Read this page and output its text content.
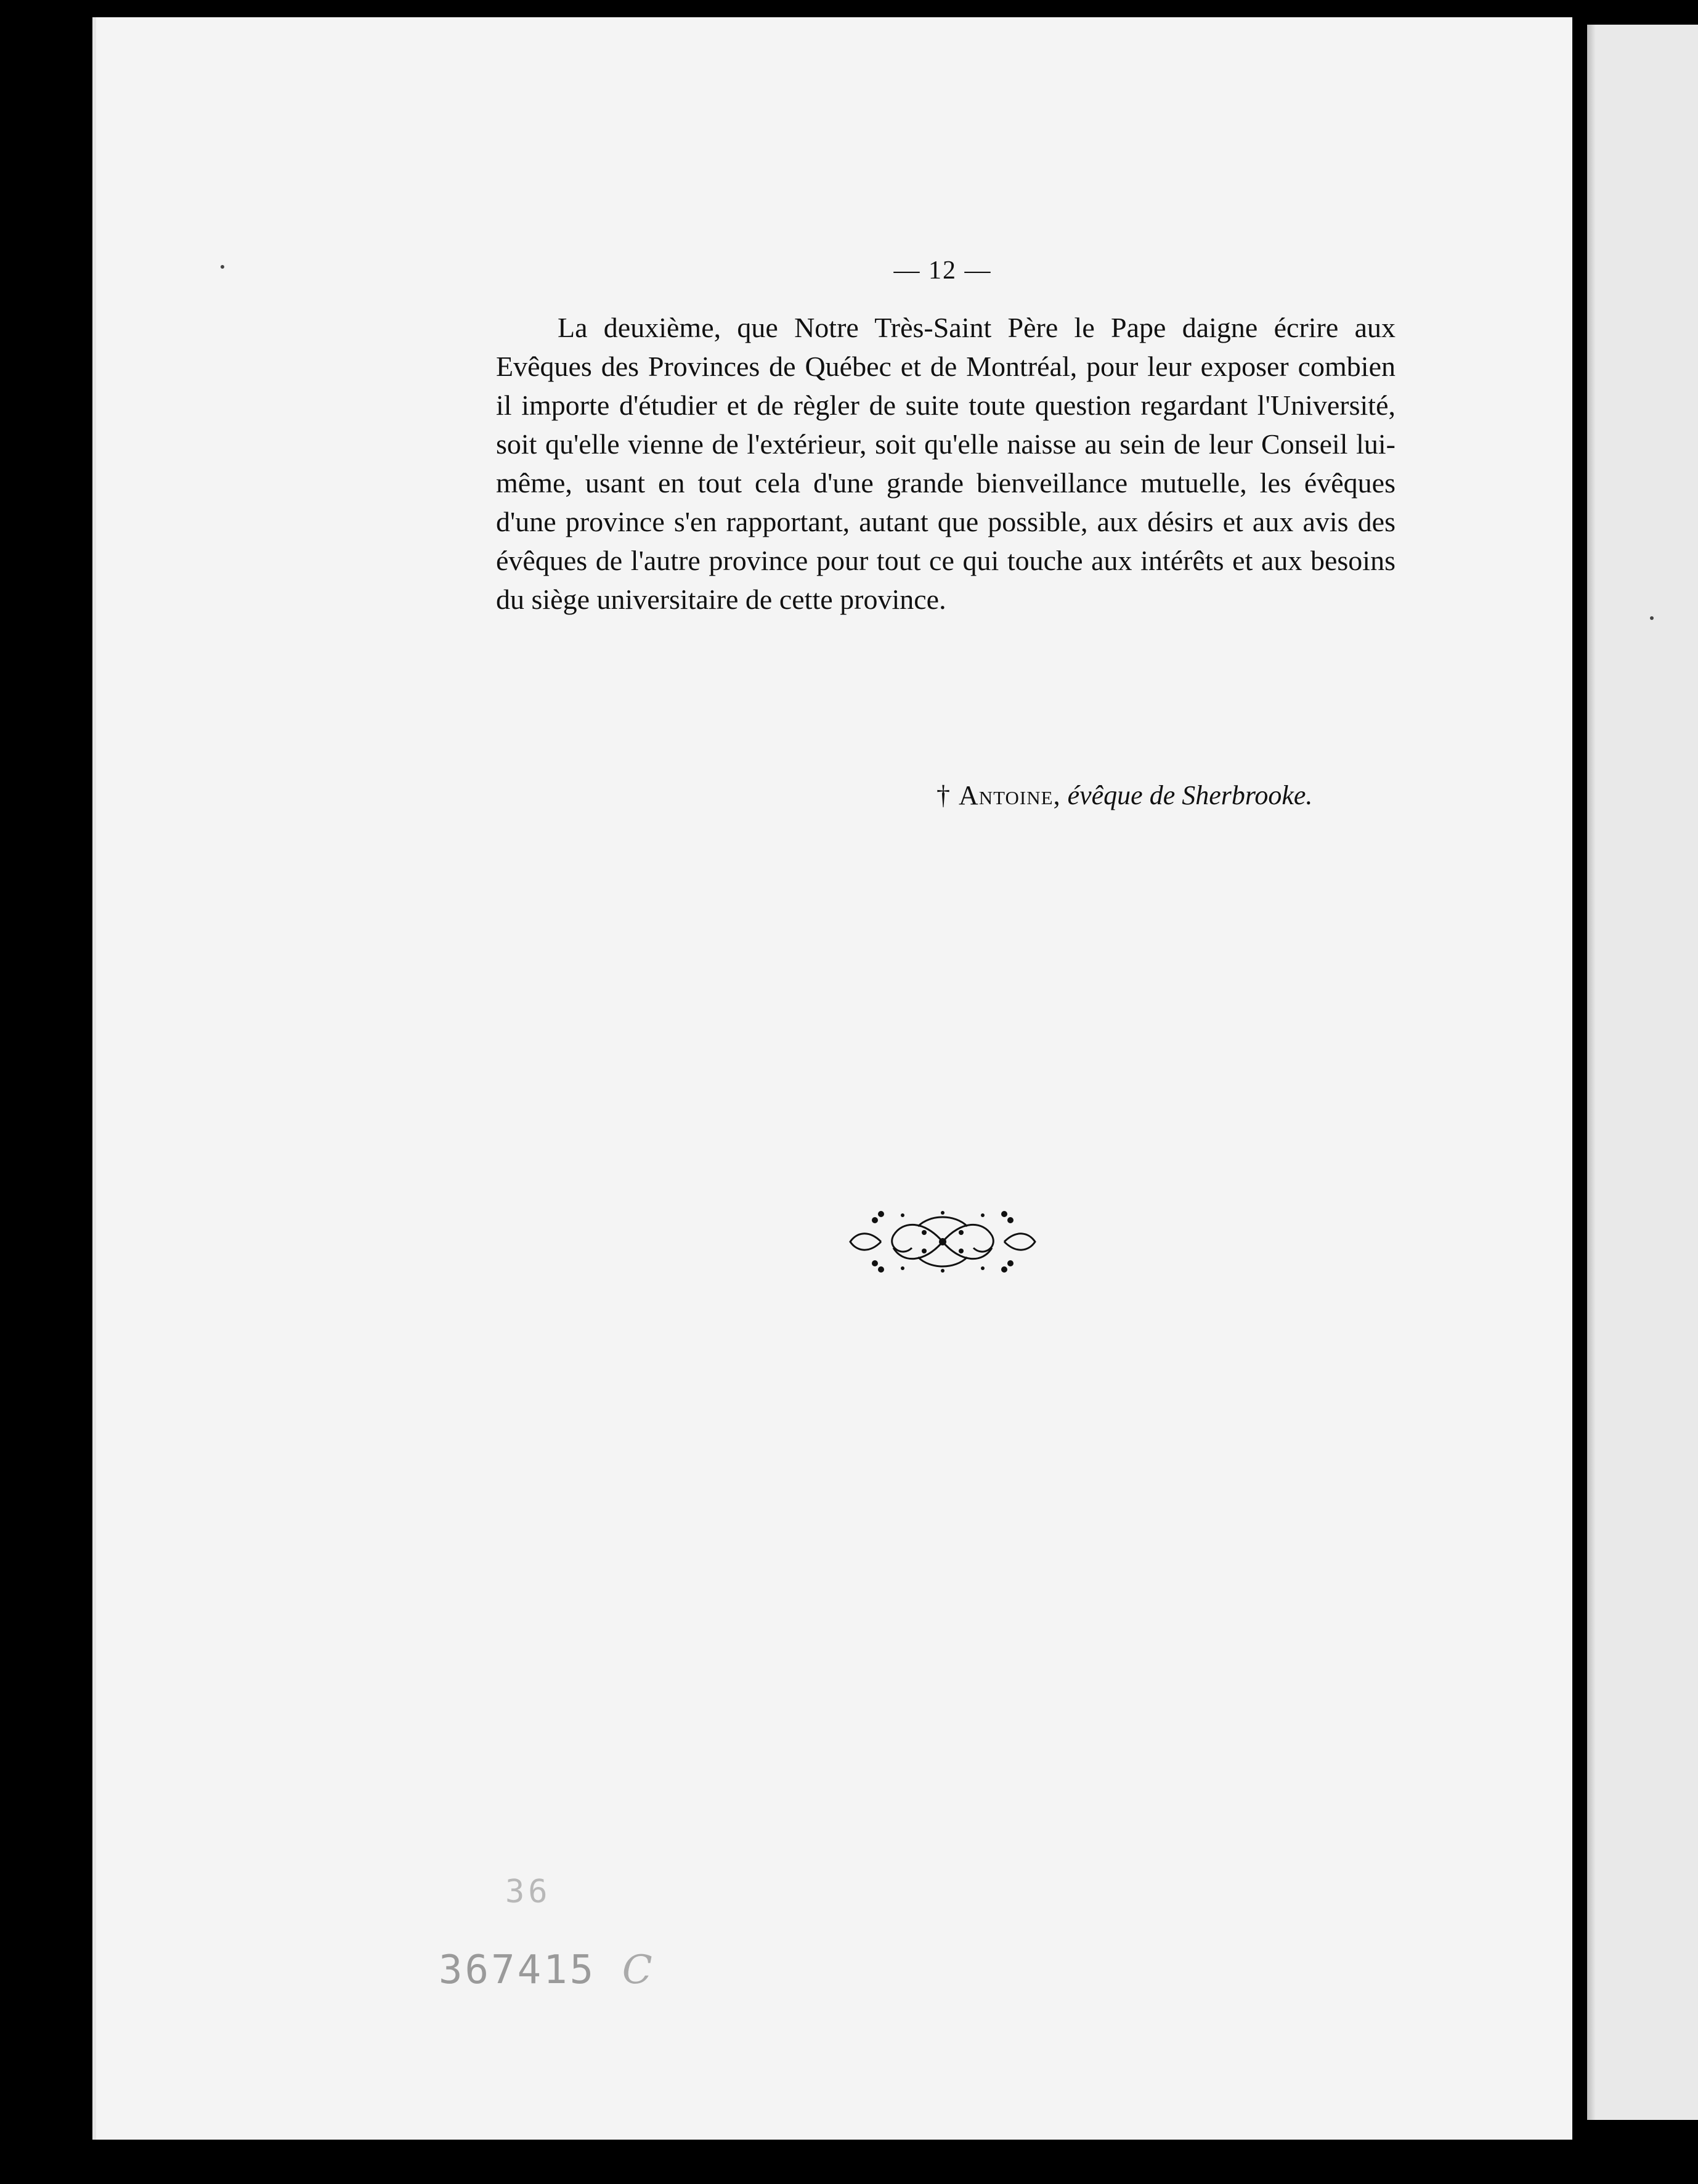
— 12 —

La deuxième, que Notre Très-Saint Père le Pape daigne écrire aux Evêques des Provinces de Québec et de Montréal, pour leur exposer combien il importe d'étudier et de règler de suite toute question regardant l'Université, soit qu'elle vienne de l'extérieur, soit qu'elle naisse au sein de leur Conseil lui-même, usant en tout cela d'une grande bienveillance mutuelle, les évêques d'une province s'en rapportant, autant que possible, aux désirs et aux avis des évêques de l'autre province pour tout ce qui touche aux intérêts et aux besoins du siège universitaire de cette province.

† Antoine, évêque de Sherbrooke.
36
367415 C
